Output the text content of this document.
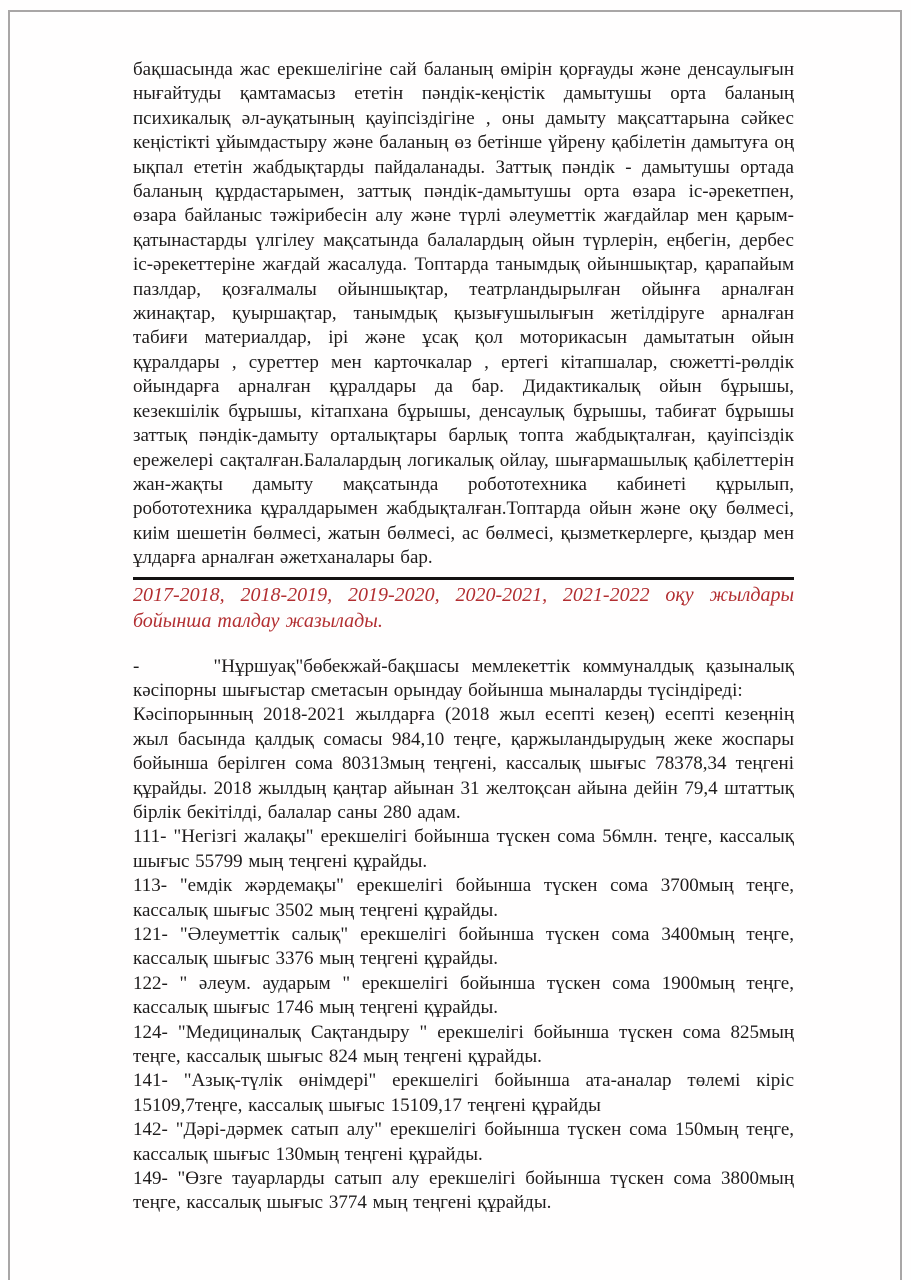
бақшасында жас ерекшелігіне сай баланың өмірін қорғауды және денсаулығын нығайтуды қамтамасыз ететін пәндік-кеңістік дамытушы орта баланың психикалық әл-ауқатының қауіпсіздігіне , оны дамыту мақсаттарына сәйкес кеңістікті ұйымдастыру және баланың өз бетінше үйрену қабілетін дамытуға оң ықпал ететін жабдықтарды пайдаланады. Заттық пәндік - дамытушы ортада баланың құрдастарымен, заттық пәндік-дамытушы орта өзара іс-әрекетпен, өзара байланыс тәжірибесін алу және түрлі әлеуметтік жағдайлар мен қарым-қатынастарды үлгілеу мақсатында балалардың ойын түрлерін, еңбегін, дербес іс-әрекеттеріне жағдай жасалуда. Топтарда танымдық ойыншықтар, қарапайым пазлдар, қозғалмалы ойыншықтар, театрландырылған ойынға арналған жинақтар, қуыршақтар, танымдық қызығушылығын жетілдіруге арналған табиғи материалдар, ірі және ұсақ қол моторикасын дамытатын ойын құралдары , суреттер мен карточкалар , ертегі кітапшалар, сюжетті-рөлдік ойындарға арналған құралдары да бар. Дидактикалық ойын бұрышы, кезекшілік бұрышы, кітапхана бұрышы, денсаулық бұрышы, табиғат бұрышы заттық пәндік-дамыту орталықтары барлық топта жабдықталған, қауіпсіздік ережелері сақталған.Балалардың логикалық ойлау, шығармашылық қабілеттерін жан-жақты дамыту мақсатында робототехника кабинеті құрылып, робототехника құралдарымен жабдықталған.Топтарда ойын және оқу бөлмесі, киім шешетін бөлмесі, жатын бөлмесі, ас бөлмесі, қызметкерлерге, қыздар мен ұлдарға арналған әжетханалары бар.

2017-2018, 2018-2019, 2019-2020, 2020-2021, 2021-2022 оқу жылдары бойынша талдау жазылады.

-      "Нұршуақ"бөбекжай-бақшасы мемлекеттік коммуналдық қазыналық кәсіпорны шығыстар сметасын орындау бойынша мыналарды түсіндіреді:

Кәсіпорынның 2018-2021 жылдарға (2018 жыл есепті кезең) есепті кезеңнің жыл басында қалдық сомасы 984,10 теңге, қаржыландырудың жеке жоспары бойынша берілген сома 80313мың теңгені, кассалық шығыс 78378,34 теңгені құрайды. 2018 жылдың қаңтар айынан 31 желтоқсан айына дейін 79,4 штаттық бірлік бекітілді, балалар саны 280 адам.

111- "Негізгі жалақы" ерекшелігі бойынша түскен сома 56млн. теңге, кассалық шығыс 55799 мың теңгені құрайды.

113- "емдік жәрдемақы" ерекшелігі бойынша түскен сома 3700мың теңге, кассалық шығыс 3502 мың теңгені құрайды.

121- "Әлеуметтік салық" ерекшелігі бойынша түскен сома 3400мың теңге, кассалық шығыс 3376 мың теңгені құрайды.

122- " әлеум. аударым " ерекшелігі бойынша түскен сома 1900мың теңге, кассалық шығыс 1746 мың теңгені құрайды.

124- "Медициналық Сақтандыру " ерекшелігі бойынша түскен сома 825мың теңге, кассалық шығыс 824 мың теңгені құрайды.

141- "Азық-түлік өнімдері" ерекшелігі бойынша ата-аналар төлемі кіріс 15109,7теңге, кассалық шығыс 15109,17 теңгені құрайды

142- "Дәрі-дәрмек сатып алу" ерекшелігі бойынша түскен сома 150мың теңге, кассалық шығыс 130мың теңгені құрайды.

149- "Өзге тауарларды сатып алу ерекшелігі бойынша түскен сома 3800мың теңге, кассалық шығыс 3774 мың теңгені құрайды.
